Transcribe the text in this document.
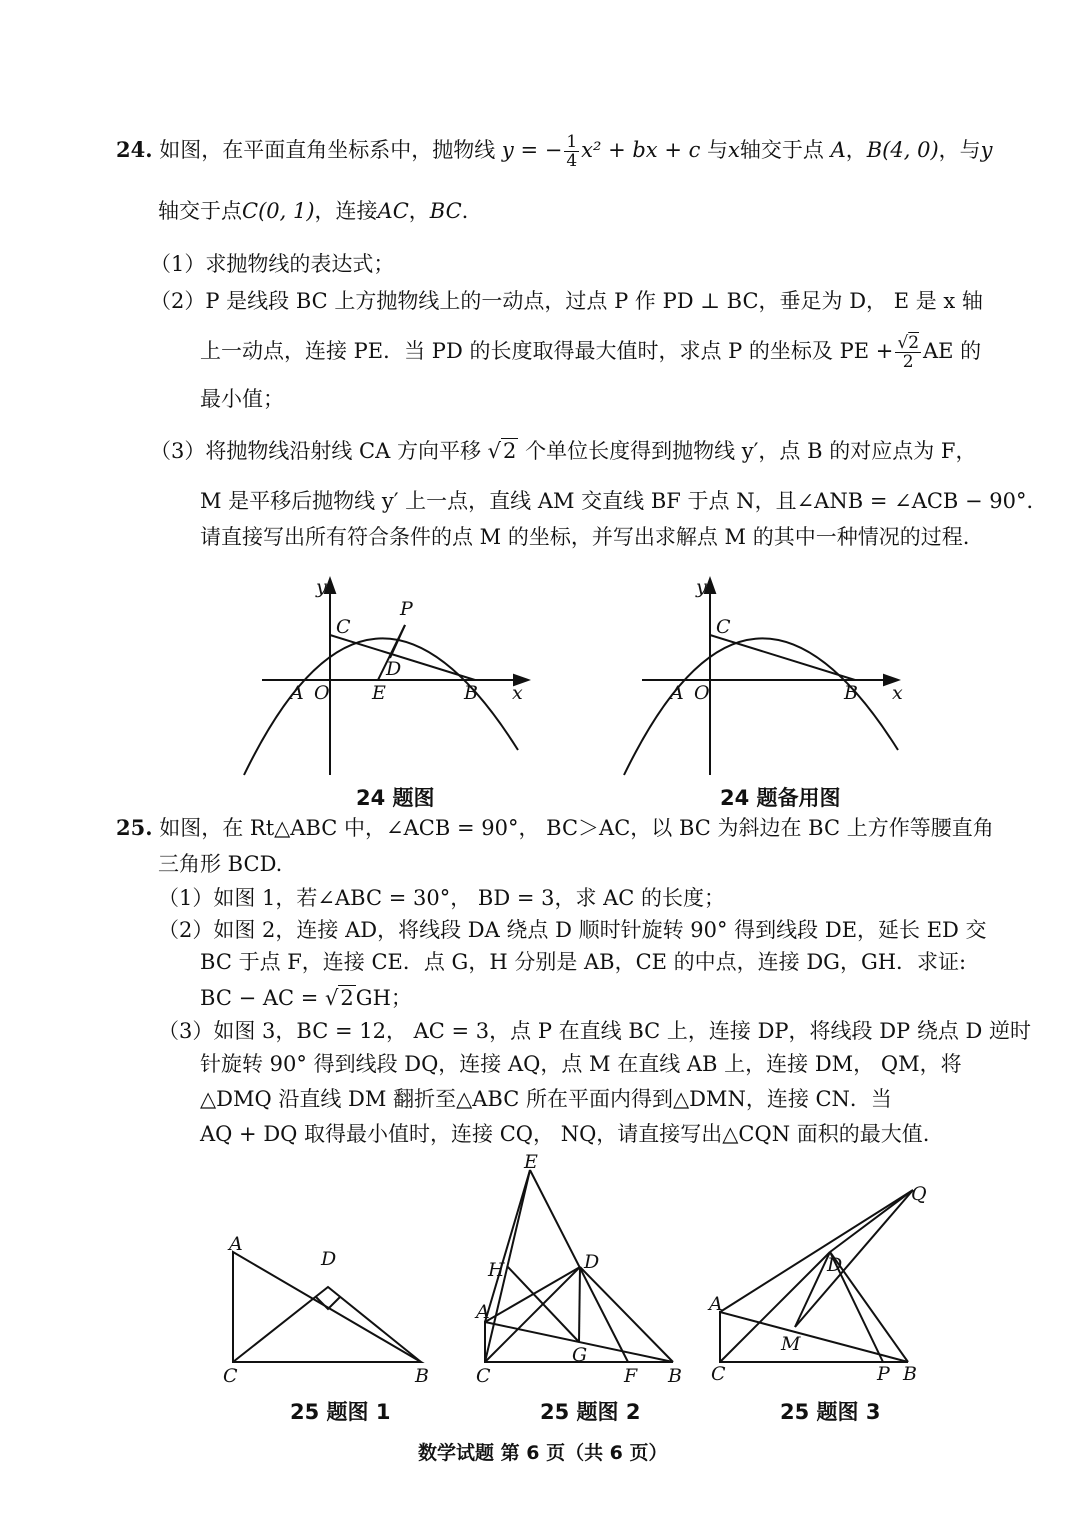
24. 如图，在平面直角坐标系中，抛物线 y = − $\frac{1}{4} x^2$ + bx + c 与x轴交于点 A，B(4, 0)，与y
轴交于点C(0, 1)，连接AC，BC.
（1）求抛物线的表达式；
（2）P 是线段 BC 上方抛物线上的一动点，过点 P 作 PD ⊥ BC，垂足为 D， E 是 x 轴
上一动点，连接 PE．当 PD 的长度取得最大值时，求点 P 的坐标及 PE + $\frac{√2}{2}$ AE 的
最小值；
（3）将抛物线沿射线 CA 方向平移 √2 个单位长度得到抛物线 y′，点 B 的对应点为 F，
M 是平移后抛物线 y′ 上一点，直线 AM 交直线 BF 于点 N，且∠ANB = ∠ACB − 90°．
请直接写出所有符合条件的点 M 的坐标，并写出求解点 M 的其中一种情况的过程.
y
C
P
D
A O E	B x
24 题图
y
C
A O	B x
24 题备用图
25. 如图，在 Rt△ABC 中，∠ACB = 90°， BC＞AC，以 BC 为斜边在 BC 上方作等腰直角
三角形 BCD.
（1）如图 1，若∠ABC = 30°， BD = 3，求 AC 的长度；
（2）如图 2，连接 AD，将线段 DA 绕点 D 顺时针旋转 90° 得到线段 DE，延长 ED 交
BC 于点 F，连接 CE．点 G，H 分别是 AB，CE 的中点，连接 DG，GH．求证:
BC − AC = √2GH；
（3）如图 3，BC = 12， AC = 3，点 P 在直线 BC 上，连接 DP，将线段 DP 绕点 D 逆时
针旋转 90° 得到线段 DQ，连接 AQ，点 M 在直线 AB 上，连接 DM， QM，将
△DMQ 沿直线 DM 翻折至△ABC 所在平面内得到△DMN，连接 CN．当
AQ + DQ 取得最小值时，连接 CQ， NQ，请直接写出△CQN 面积的最大值.
A
D
C	B
25 题图 1
E
H	D
A
G
C	F B
25 题图 2
Q
D
A
M
C	P B
25 题图 3
数学试题 第 6 页（共 6 页）
